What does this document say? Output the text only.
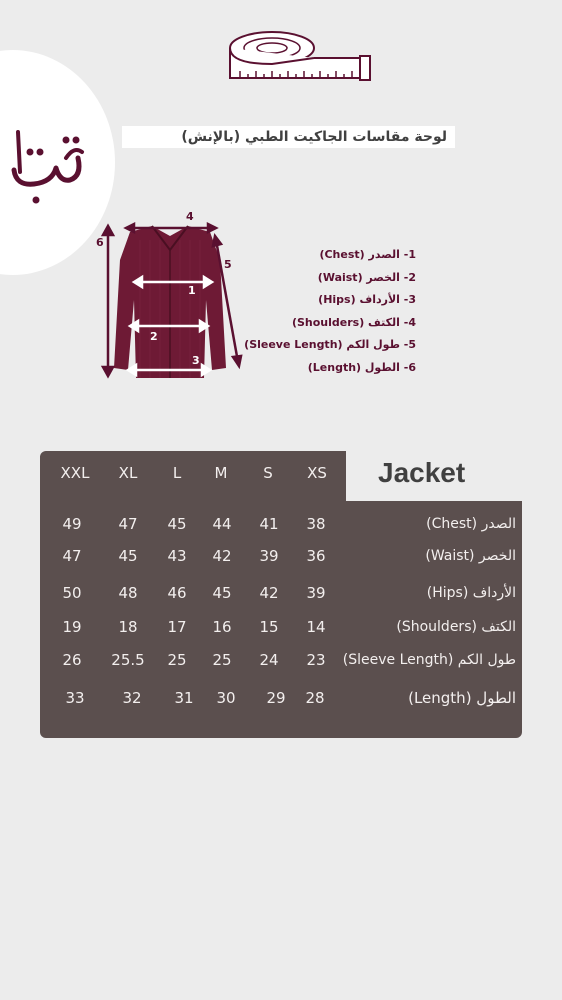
لوحة مقاسات الجاكيت الطبي (بالإنش)
4
6
5
1
2
3
1- الصدر (Chest)
2- الخصر (Waist)
3- الأرداف (Hips)
4- الكتف (Shoulders)
5- طول الكم (Sleeve Length)
6- الطول (Length)
XXL	XL	L	M	S	XS	Jacket
49	47	45	44	41	38	الصدر (Chest)
47	45	43	42	39	36	الخصر (Waist)
50	48	46	45	42	39	الأرداف (Hips)
19	18	17	16	15	14	الكتف (Shoulders)
26	25.5	25	25	24	23	طول الكم (Sleeve Length)
33	32	31	30	29	28	الطول (Length)
